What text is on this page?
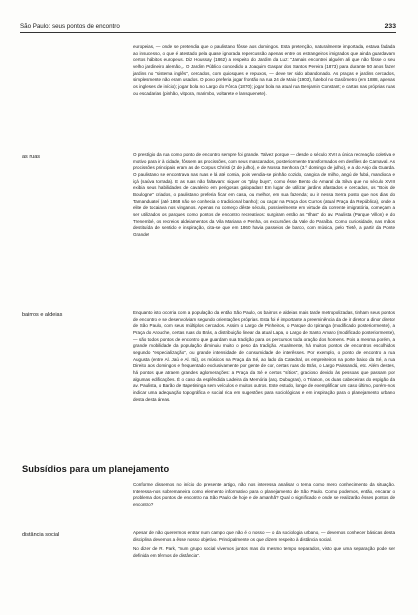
São Paulo: seus pontos de encontro	233

europeias, — onde se pretendia que o paulistano fôsse aos domingos. Esta pretenção, naturalmente importada, estava fadada ao insucesso, o que é atestado pela quase ignorada repercussão apenas entre os estrangeiros imigrados que ainda guardavam certos hábitos europeus. Diz Houssay (1862) a respeito do Jardim da Luz: "Jamais encontrei alguém ali que não fôsse o seu velho jardineiro alemão,,. O Jardim Público concedido a Joaquim Gaspar dos Santos Pereira (1873) para durante 50 anos fazer jardins no "sistema inglês", cercados, com quiosques e repuxos, — deve ter sido abandonado. As praças e jardins cercados, simplesmente não eram usados. O povo preferia jogar frontão na rua 24 de Maio (1903), futebol no Gasômetro (em 1888, apenas os ingleses de início); jogar bola no Largo do Fôrca (1870); jogar bola na atual rua Benjamin Constant; e cartas nas próprias ruas ou escadarias (pinhão, vitpora, marimbo, voltarete e lansquenete).

as ruas	O prestígio da rua como ponto de encontro sempre foi grande. Talvez porque — desde o século XVII a única recreação coletiva e motivo para ir à cidade, fôssem as procissões, com seus mascarados, posteriormente transformados em desfiles de Carnaval. As procissões principais eram as de Corpus Christi (2 de julho), e de Nossa Senhora (3.º domingo de julho), e a do Anjo da Guarda. O paulistano se encontrava nas ruas e lá até comia, pois vendia-se pinhão cozido, cangica de milho, angú de fubá, mandioca e içá (saúva torrada). E as ruas não faltavam: siquer os "play buys", como êsse Bento do Amaral da Silva que no século XVIII exibia seus habilidades de cavaleiro em perigosas galopadas! Em lugar de utilizar jardins afastados e cercados, os "Bois de Boulogne" criados, o paulistano preferia ficar em casa, ou melhor, em sua fazenda; ou ir nessa Serra posto que nos dias do Tamanduateí (até 1868 não se conhecia o tradicional banho); ou caçar na Praça dos Curros (atual Praça da República), onde a elite de tocaiava nos vinganos. Apenas no começo dêste século, possivelmente em virtude da corrente imigratória, começam a ser utilizados os parques como pontos de encontro recreativos: surgiram então as "Ilhas" do av. Paulista (Parque Villon) e do Trenembé, os recreios aldeiamentos da Vila Mariana e Penha, os excursões da Vale do Paraíba. Como curiosidade, nas mãos destituída de sentido e inspiração, cita-se que em 1860 havia passeios de barco, com música, pelo Tietê, a partir da Ponte Grande!

bairros e aldeias	Enquanto isto ocorria com a população da então São Paulo, os bairros e aldeias mais tarde metropolizadas, tinham seus pontos de encontro e se desenvolviam segundo orientações próprias. Esta foi é importante a preeminência da de ir diretor a dinor diretor de São Paulo, com seus múltiplos cercados. Assim o Largo de Pinheiros, o Parque do Ipiranga (modificado posteriormente), a Praça do Arouche, certas ruas do Brás, a distribuição linear da atual Lapa, o Largo de Santo Amaro (modificado posteriormente), — são todos pontos de encontro que guardam sua tradição para os percursos toda oração dos homens. Pois a mesma porém, a grande mobilidade da população diminuiu muito o peso da tradição. Atualmente, há muitos pontos de encontros escolhidos segundo "especialização", ou grande intensidade de consumidade de interêsses. Por exemplo, o ponto de encontro a rua Augusta (entre Al. Jaú e Al. Itú), os músicos na Praça da Sé, ao lado da Catedral, os empreiteiros na porte baixo da Sé, a rua Direito aos domingos e frequentado exclusivamente por gente de cor, certas ruas do Brás, o Largo Paissandú, etc. Além destes, há pontos que atraem grandes aglomerações: a Praça da Sé e certos "sítios", gracioso devido às pessoas que passam por algumas edificações. É o caso da esplêndida Ladeira da Memória (arq. Dubugras), o Trianon, os duas cabeceiras do espigão da av. Paulista, o Barão de Itapetininga sem veículos e muitos outros. Este estudo, longe de exemplificar um caso último, porém-nos indicar uma adequação topográfica e social rica em sugestões para sociológicas e em inspiração para o planejamento urbano desta desta áreas.

Subsídios para um planejamento

Conforme dissemos no início do presente artigo, não nos interessa analisar o tema como mero conhecimento da situação. Interessa-nos sobremaneira como elemento informativo para o planejamento de São Paulo. Como podemos, então, encarar o problema dos pontos de encontro na São Paulo de hoje e de amanhã? Qual o significado e onde se realizarão êsses pontos de encontro?

distância social	Apesar de não querermos entrar num campo que não é o nosso — o da sociologia urbano, — devemos conhecer básicas desta disciplina devemos a êsse nosso objetivo. Principalmente os que dizem respeito à distância social.

No dizer de R. Park, "num grupo social vivemos juntos mas do mesmo tempo separados, visto que uma separação pode ser definida em têrmos de distância".
